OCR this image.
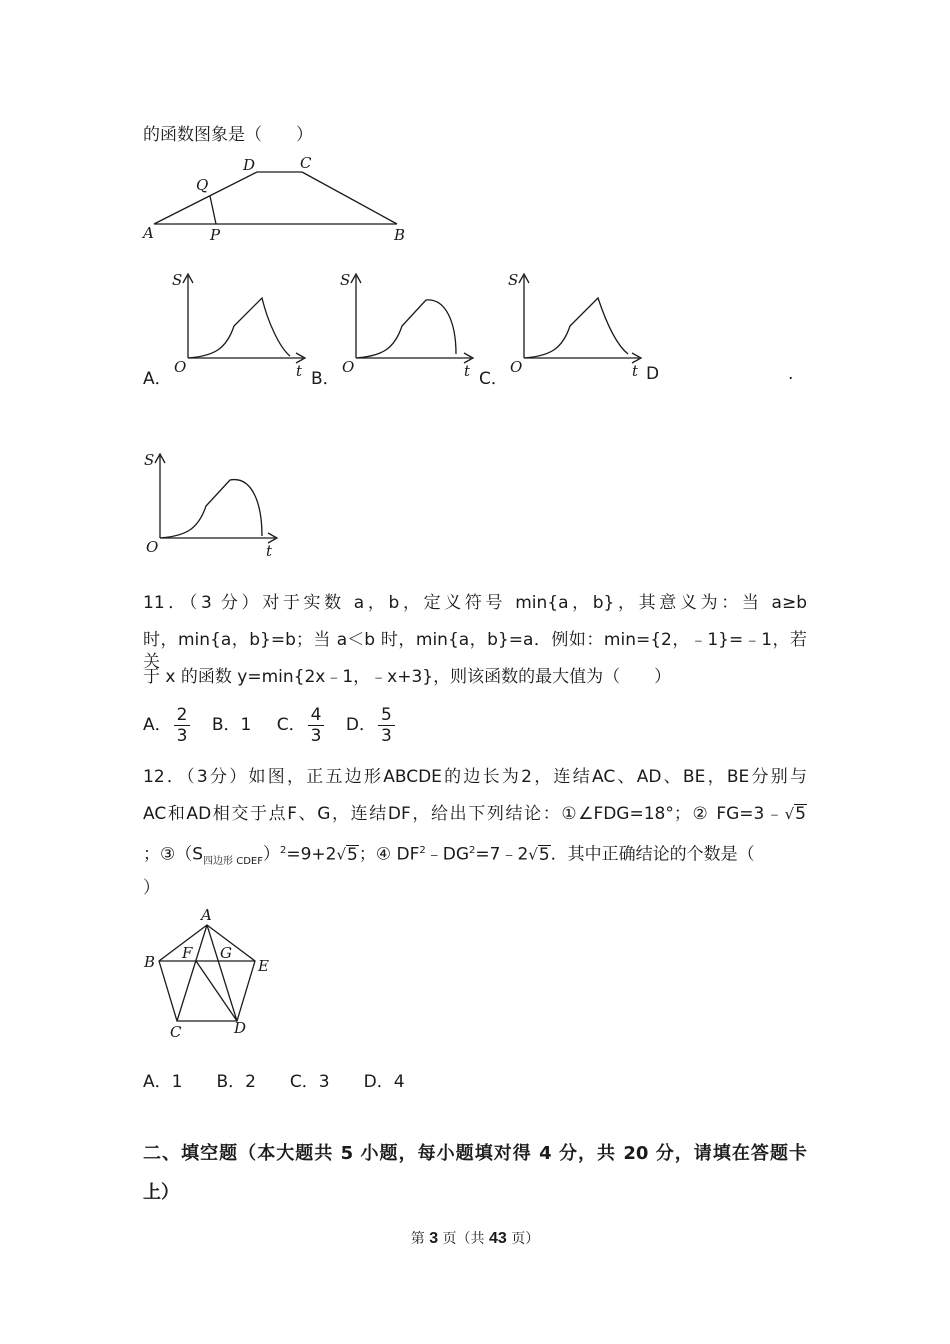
的函数图象是（　　）
A	P	B
Q
D	C
A．	B．	C．	D	.
S
O	t
S
O	t
S
O	t
S
O	t
11．（3 分）对于实数 a，b，定义符号 min{a，b}，其意义为：当 a≥b
时，min{a，b}=b；当 a＜b 时，min{a，b}=a．例如：min={2，﹣1}=﹣1，若关
于 x 的函数 y=min{2x﹣1，﹣x+3}，则该函数的最大值为（　　）
A． $\frac{2}{3}$ B．1 C． $\frac{4}{3}$ D． $\frac{5}{3}$
12．（3分）如图，正五边形ABCDE的边长为2，连结AC、AD、BE，BE分别与
AC和AD相交于点F、G，连结DF，给出下列结论：①∠FDG=18°；② FG=3﹣√5
；$③(S_{四边形 CDEF})^2=9+2√5$；④ $DF^2﹣DG^2=7﹣2√5$．其中正确结论的个数是（
）
A
B	E
F G
C	D
A．1　　B．2　　C．3　　D．4
二、填空题（本大题共 5 小题，每小题填对得 4 分，共 20 分，请填在答题卡
上）
第 3 页（共 43 页）
